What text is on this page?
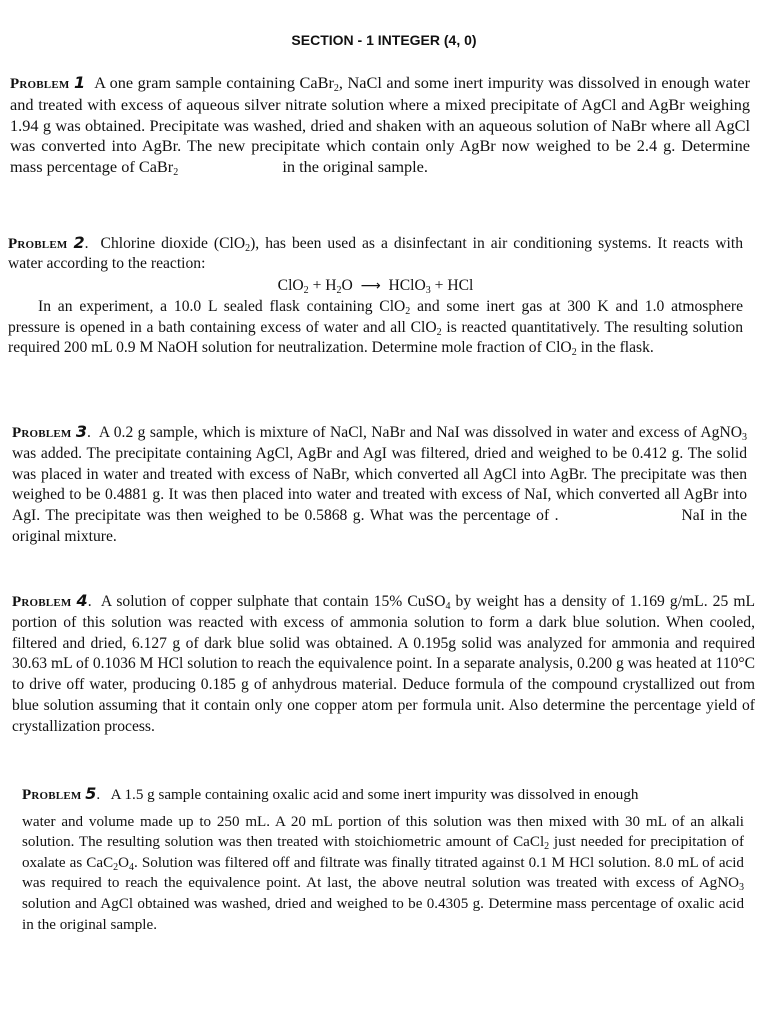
SECTION - 1 INTEGER (4, 0)
Problem 1 A one gram sample containing CaBr$_2$, NaCl and some inert impurity was dissolved in enough water and treated with excess of aqueous silver nitrate solution where a mixed precipitate of AgCl and AgBr weighing 1.94 g was obtained. Precipitate was washed, dried and shaken with an aqueous solution of NaBr where all AgCl was converted into AgBr. The new precipitate which contain only AgBr now weighed to be 2.4 g. Determine mass percentage of CaBr$_2$	in the original sample.
Problem 2.  Chlorine dioxide (ClO$_2$), has been used as a disinfectant in air conditioning systems. It reacts with water according to the reaction:
$ClO_2 + H_2O$ ⟶ HClO$_3$ + HCl
In an experiment, a 10.0 L sealed flask containing ClO$_2$ and some inert gas at 300 K and 1.0 atmosphere pressure is opened in a bath containing excess of water and all ClO$_2$ is reacted quantitatively. The resulting solution required 200 mL 0.9 M NaOH solution for neutralization. Determine mole fraction of ClO$_2$ in the flask.
Problem 3.  A 0.2 g sample, which is mixture of NaCl, NaBr and NaI was dissolved in water and excess of AgNO$_3$ was added. The precipitate containing AgCl, AgBr and AgI was filtered, dried and weighed to be 0.412 g. The solid was placed in water and treated with excess of NaBr, which converted all AgCl into AgBr. The precipitate was then weighed to be 0.4881 g. It was then placed into water and treated with excess of NaI, which converted all AgBr into AgI. The precipitate was then weighed to be 0.5868 g. What was the percentage of .	NaI in the original mixture.
Problem 4.  A solution of copper sulphate that contain 15% CuSO$_4$ by weight has a density of 1.169 g/mL. 25 mL portion of this solution was reacted with excess of ammonia solution to form a dark blue solution. When cooled, filtered and dried, 6.127 g of dark blue solid was obtained. A 0.195g solid was analyzed for ammonia and required 30.63 mL of 0.1036 M HCl solution to reach the equivalence point. In a separate analysis, 0.200 g was heated at 110°C to drive off water, producing 0.185 g of anhydrous material. Deduce formula of the compound crystallized out from blue solution assuming that it contain only one copper atom per formula unit. Also determine the percentage yield of crystallization process.
Problem 5.   A 1.5 g sample containing oxalic acid and some inert impurity was dissolved in enough
water and volume made up to 250 mL. A 20 mL portion of this solution was then mixed with 30 mL of an alkali solution. The resulting solution was then treated with stoichiometric amount of CaCl$_2$ just needed for precipitation of oxalate as $CaC_2O_4$. Solution was filtered off and filtrate was finally titrated against 0.1 M HCl solution. 8.0 mL of acid was required to reach the equivalence point. At last, the above neutral solution was treated with excess of AgNO$_3$ solution and AgCl obtained was washed, dried and weighed to be 0.4305 g. Determine mass percentage of oxalic acid in the original sample.
